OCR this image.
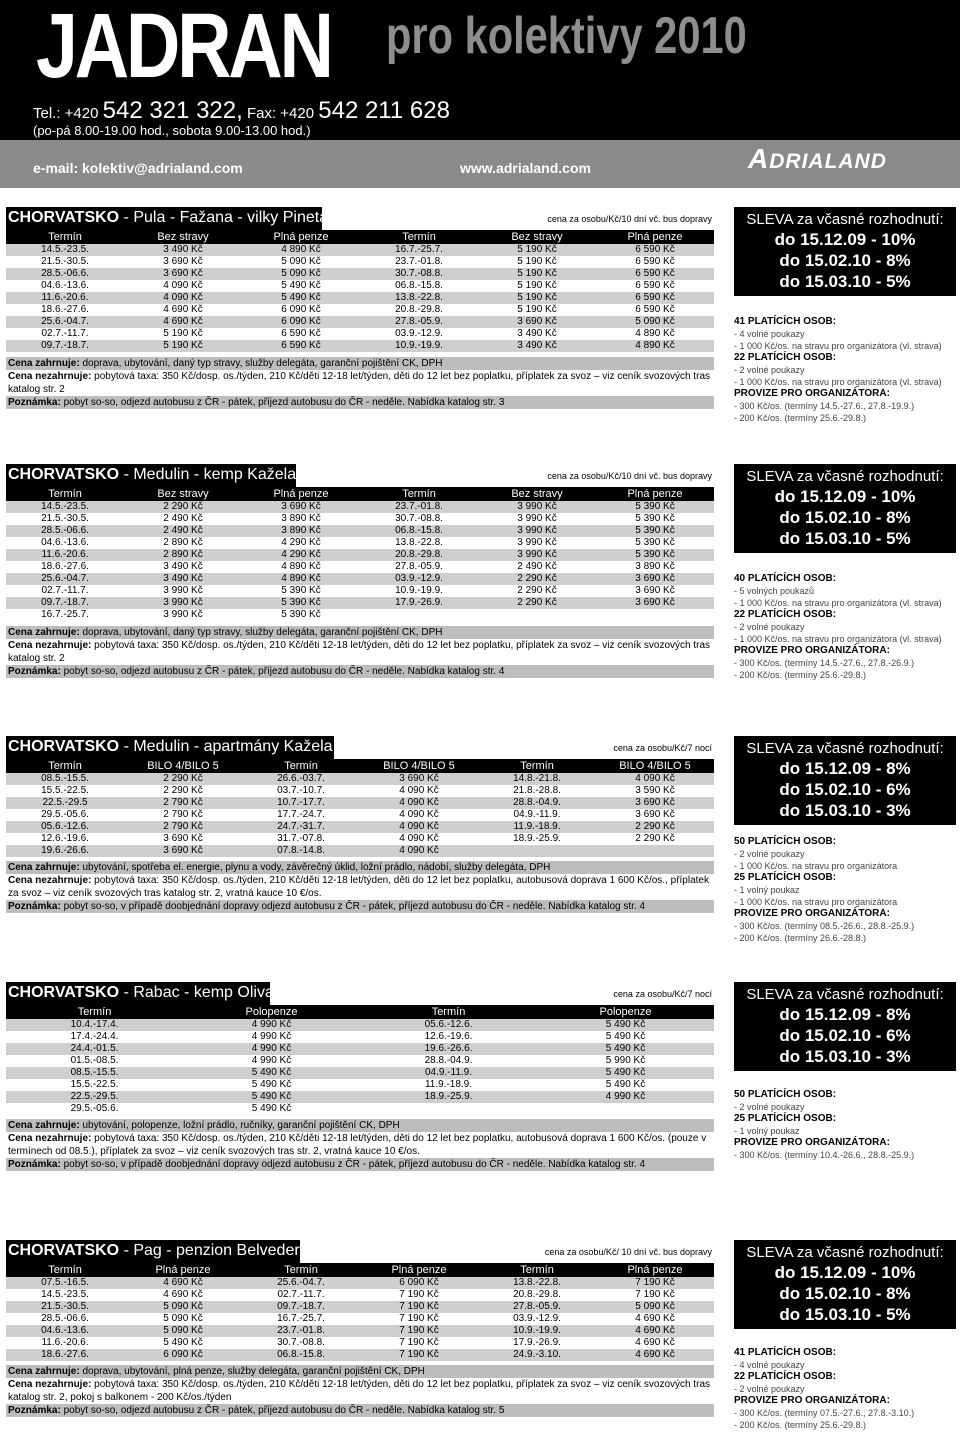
JADRAN pro kolektivy 2010
Tel.: +420 542 321 322, Fax: +420 542 211 628
(po-pá 8.00-19.00 hod., sobota 9.00-13.00 hod.)
e-mail: kolektiv@adrialand.com	www.adrialand.com	ADRIALAND
CHORVATSKO - Pula - Fažana - vilky Pineta	cena za osobu/Kč/10 dní vč. bus dopravy
Termín	Bez stravy	Plná penze	Termín	Bez stravy	Plná penze
14.5.-23.5.	3 490 Kč	4 890 Kč	16.7.-25.7.	5 190 Kč	6 590 Kč
21.5.-30.5.	3 690 Kč	5 090 Kč	23.7.-01.8.	5 190 Kč	6 590 Kč
28.5.-06.6.	3 690 Kč	5 090 Kč	30.7.-08.8.	5 190 Kč	6 590 Kč
04.6.-13.6.	4 090 Kč	5 490 Kč	06.8.-15.8.	5 190 Kč	6 590 Kč
11.6.-20.6.	4 090 Kč	5 490 Kč	13.8.-22.8.	5 190 Kč	6 590 Kč
18.6.-27.6.	4 690 Kč	6 090 Kč	20.8.-29.8.	5 190 Kč	6 590 Kč
25.6.-04.7.	4 690 Kč	6 090 Kč	27.8.-05.9.	3 690 Kč	5 090 Kč
02.7.-11.7.	5 190 Kč	6 590 Kč	03.9.-12.9.	3 490 Kč	4 890 Kč
09.7.-18.7.	5 190 Kč	6 590 Kč	10.9.-19.9.	3 490 Kč	4 890 Kč
Cena zahrnuje: doprava, ubytování, daný typ stravy, služby delegáta, garanční pojištění CK, DPH
Cena nezahrnuje: pobytová taxa: 350 Kč/dosp. os./týden, 210 Kč/děti 12-18 let/týden, děti do 12 let bez poplatku, příplatek za svoz – viz ceník svozových tras katalog str. 2
Poznámka: pobyt so-so, odjezd autobusu z ČR - pátek, příjezd autobusu do ČR - neděle. Nabídka katalog str. 3
SLEVA za včasné rozhodnutí:
do 15.12.09 - 10%
do 15.02.10 - 8%
do 15.03.10 - 5%
41 PLATÍCÍCH OSOB:
- 4 volné poukazy
- 1 000 Kč/os. na stravu pro organizátora (vl. strava)
22 PLATÍCÍCH OSOB:
- 2 volné poukazy
- 1 000 Kč/os. na stravu pro organizátora (vl. strava)
PROVIZE PRO ORGANIZÁTORA:
- 300 Kč/os. (termíny 14.5.-27.6., 27.8.-19.9.)
- 200 Kč/os. (termíny 25.6.-29.8.)
CHORVATSKO - Medulin - kemp Kažela	cena za osobu/Kč/10 dní vč. bus dopravy
Termín	Bez stravy	Plná penze	Termín	Bez stravy	Plná penze
14.5.-23.5.	2 290 Kč	3 690 Kč	23.7.-01.8.	3 990 Kč	5 390 Kč
21.5.-30.5.	2 490 Kč	3 890 Kč	30.7.-08.8.	3 990 Kč	5 390 Kč
28.5.-06.6.	2 490 Kč	3 890 Kč	06.8.-15.8.	3 990 Kč	5 390 Kč
04.6.-13.6.	2 890 Kč	4 290 Kč	13.8.-22.8.	3 990 Kč	5 390 Kč
11.6.-20.6.	2 890 Kč	4 290 Kč	20.8.-29.8.	3 990 Kč	5 390 Kč
18.6.-27.6.	3 490 Kč	4 890 Kč	27.8.-05.9.	2 490 Kč	3 890 Kč
25.6.-04.7.	3 490 Kč	4 890 Kč	03.9.-12.9.	2 290 Kč	3 690 Kč
02.7.-11.7.	3 990 Kč	5 390 Kč	10.9.-19.9.	2 290 Kč	3 690 Kč
09.7.-18.7.	3 990 Kč	5 390 Kč	17.9.-26.9.	2 290 Kč	3 690 Kč
16.7.-25.7.	3 990 Kč	5 390 Kč			
Cena zahrnuje: doprava, ubytování, daný typ stravy, služby delegáta, garanční pojištění CK, DPH
Cena nezahrnuje: pobytová taxa: 350 Kč/dosp. os./týden, 210 Kč/děti 12-18 let/týden, děti do 12 let bez poplatku, příplatek za svoz – viz ceník svozových tras katalog str. 2
Poznámka: pobyt so-so, odjezd autobusu z ČR - pátek, příjezd autobusu do ČR - neděle. Nabídka katalog str. 4
SLEVA za včasné rozhodnutí:
do 15.12.09 - 10%
do 15.02.10 - 8%
do 15.03.10 - 5%
40 PLATÍCÍCH OSOB:
- 5 volných poukazů
- 1 000 Kč/os. na stravu pro organizátora (vl. strava)
22 PLATÍCÍCH OSOB:
- 2 volné poukazy
- 1 000 Kč/os. na stravu pro organizátora (vl. strava)
PROVIZE PRO ORGANIZÁTORA:
- 300 Kč/os. (termíny 14.5.-27.6., 27.8.-26.9.)
- 200 Kč/os. (termíny 25.6.-29.8.)
CHORVATSKO - Medulin - apartmány Kažela	cena za osobu/Kč/7 nocí
Termín	BILO 4/BILO 5	Termín	BILO 4/BILO 5	Termín	BILO 4/BILO 5
08.5.-15.5.	2 290 Kč	26.6.-03.7.	3 690 Kč	14.8.-21.8.	4 090 Kč
15.5.-22.5.	2 290 Kč	03.7.-10.7.	4 090 Kč	21.8.-28.8.	3 590 Kč
22.5.-29.5	2 790 Kč	10.7.-17.7.	4 090 Kč	28.8.-04.9.	3 690 Kč
29.5.-05.6.	2 790 Kč	17.7.-24.7.	4 090 Kč	04.9.-11.9.	3 690 Kč
05.6.-12.6.	2 790 Kč	24.7.-31.7.	4 090 Kč	11.9.-18.9.	2 290 Kč
12.6.-19.6.	3 690 Kč	31.7.-07.8.	4 090 Kč	18.9.-25.9.	2 290 Kč
19.6.-26.6.	3 690 Kč	07.8.-14.8.	4 090 Kč		
Cena zahrnuje: ubytování, spotřeba el. energie, plynu a vody, závěrečný úklid, ložní prádlo, nádobí, služby delegáta, DPH
Cena nezahrnuje: pobytová taxa: 350 Kč/dosp. os./týden, 210 Kč/děti 12-18 let/týden, děti do 12 let bez poplatku, autobusová doprava 1 600 Kč/os., příplatek za svoz – viz ceník svozových tras katalog str. 2, vratná kauce 10 €/os.
Poznámka: pobyt so-so, v případě doobjednání dopravy odjezd autobusu z ČR - pátek, příjezd autobusu do ČR - neděle. Nabídka katalog str. 4
SLEVA za včasné rozhodnutí:
do 15.12.09 - 8%
do 15.02.10 - 6%
do 15.03.10 - 3%
50 PLATÍCÍCH OSOB:
- 2 volné poukazy
- 1 000 Kč/os. na stravu pro organizátora
25 PLATÍCÍCH OSOB:
- 1 volný poukaz
- 1 000 Kč/os. na stravu pro organizátora
PROVIZE PRO ORGANIZÁTORA:
- 300 Kč/os. (termíny 08.5.-26.6., 28.8.-25.9.)
- 200 Kč/os. (termíny 26.6.-28.8.)
CHORVATSKO - Rabac - kemp Oliva	cena za osobu/Kč/7 nocí
Termín	Polopenze	Termín	Polopenze
10.4.-17.4.	4 990 Kč	05.6.-12.6.	5 490 Kč
17.4.-24.4.	4 990 Kč	12.6.-19.6.	5 490 Kč
24.4.-01.5.	4 990 Kč	19.6.-26.6.	5 490 Kč
01.5.-08.5.	4 990 Kč	28.8.-04.9.	5 990 Kč
08.5.-15.5.	5 490 Kč	04.9.-11.9.	5 490 Kč
15.5.-22.5.	5 490 Kč	11.9.-18.9.	5 490 Kč
22.5.-29.5.	5 490 Kč	18.9.-25.9.	4 990 Kč
29.5.-05.6.	5 490 Kč		
Cena zahrnuje: ubytování, polopenze, ložní prádlo, ručníky, garanční pojištění CK, DPH
Cena nezahrnuje: pobytová taxa: 350 Kč/dosp. os./týden, 210 Kč/děti 12-18 let/týden, děti do 12 let bez poplatku, autobusová doprava 1 600 Kč/os. (pouze v termínech od 08.5.), příplatek za svoz – viz ceník svozových tras str. 2, vratná kauce 10 €/os.
Poznámka: pobyt so-so, v případě doobjednání dopravy odjezd autobusu z ČR - pátek, příjezd autobusu do ČR - neděle. Nabídka katalog str. 4
SLEVA za včasné rozhodnutí:
do 15.12.09 - 8%
do 15.02.10 - 6%
do 15.03.10 - 3%
50 PLATÍCÍCH OSOB:
- 2 volné poukazy
25 PLATÍCÍCH OSOB:
- 1 volný poukaz
PROVIZE PRO ORGANIZÁTORA:
- 300 Kč/os. (termíny 10.4.-26.6., 28.8.-25.9.)
CHORVATSKO - Pag - penzion Belveder	cena za osobu/Kč/ 10 dní vč. bus dopravy
Termín	Plná penze	Termín	Plná penze	Termín	Plná penze
07.5.-16.5.	4 690 Kč	25.6.-04.7.	6 090 Kč	13.8.-22.8.	7 190 Kč
14.5.-23.5.	4 690 Kč	02.7.-11.7.	7 190 Kč	20.8.-29.8.	7 190 Kč
21.5.-30.5.	5 090 Kč	09.7.-18.7.	7 190 Kč	27.8.-05.9.	5 090 Kč
28.5.-06.6.	5 090 Kč	16.7.-25.7.	7 190 Kč	03.9.-12.9.	4 690 Kč
04.6.-13.6.	5 090 Kč	23.7.-01.8.	7 190 Kč	10.9.-19.9.	4 690 Kč
11.6.-20.6.	5 490 Kč	30.7.-08.8.	7 190 Kč	17.9.-26.9.	4 690 Kč
18.6.-27.6.	6 090 Kč	06.8.-15.8.	7 190 Kč	24.9.-3.10.	4 690 Kč
Cena zahrnuje: doprava, ubytování, plná penze, služby delegáta, garanční pojištění CK, DPH
Cena nezahrnuje: pobytová taxa: 350 Kč/dosp. os./týden, 210 Kč/děti 12-18 let/týden, děti do 12 let bez poplatku, příplatek za svoz – viz ceník svozových tras katalog str. 2, pokoj s balkonem - 200 Kč/os./týden
Poznámka: pobyt so-so, odjezd autobusu z ČR - pátek, příjezd autobusu do ČR - neděle. Nabídka katalog str. 5
SLEVA za včasné rozhodnutí:
do 15.12.09 - 10%
do 15.02.10 - 8%
do 15.03.10 - 5%
41 PLATÍCÍCH OSOB:
- 4 volné poukazy
22 PLATÍCÍCH OSOB:
- 2 volné poukazy
PROVIZE PRO ORGANIZÁTORA:
- 300 Kč/os. (termíny 07.5.-27.6., 27.8.-3.10.)
- 200 Kč/os. (termíny 25.6.-29.8.)
